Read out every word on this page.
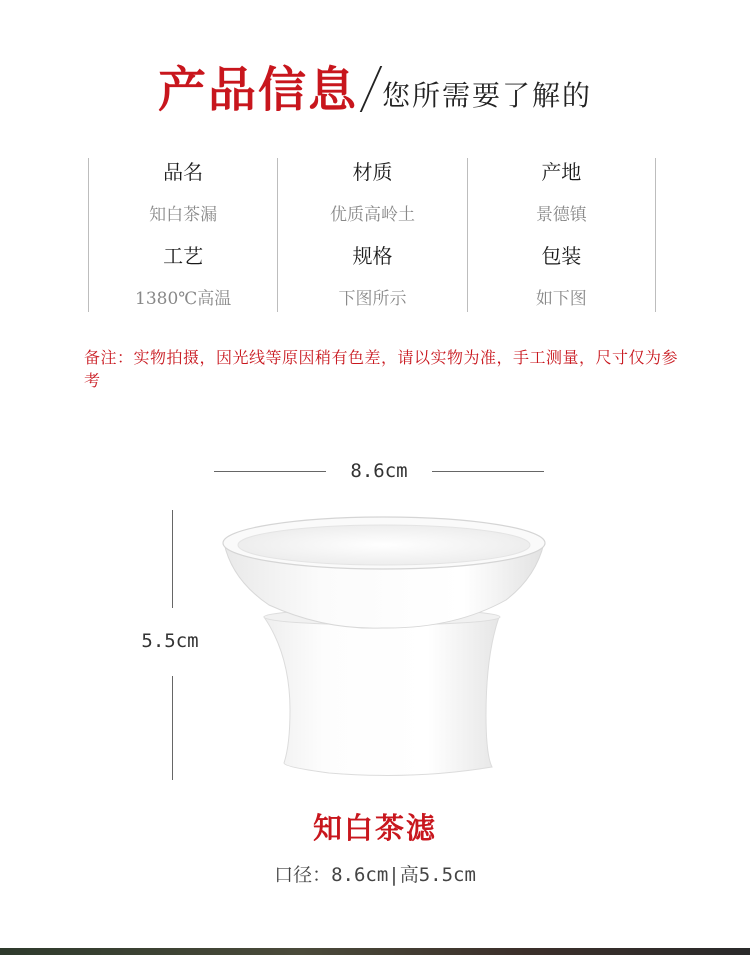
产品信息 您所需要了解的
品名
知白茶漏
工艺
1380℃高温
材质
优质高岭土
规格
下图所示
产地
景德镇
包装
如下图
备注：实物拍摄，因光线等原因稍有色差，请以实物为准，手工测量，尺寸仅为参考
8.6cm
5.5cm
知白茶滤
口径：8.6cm|高5.5cm
